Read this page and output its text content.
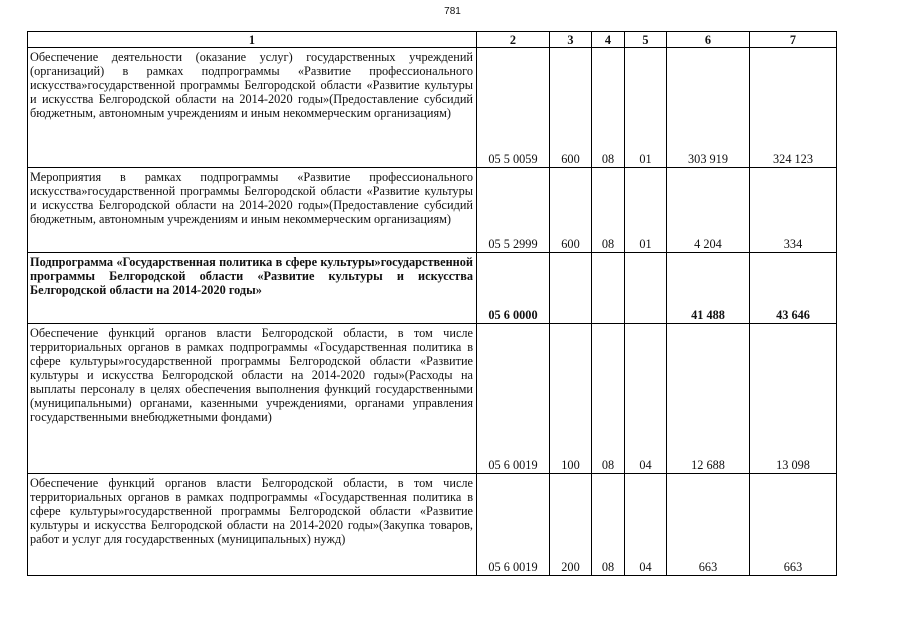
781
1	2	3	4	5	6	7
Обеспечение деятельности (оказание услуг) государственных учреждений (организаций) в рамках подпрограммы «Развитие профессионального искусства»государственной программы Белгородской области «Развитие культуры и искусства Белгородской области на 2014-2020 годы»(Предоставление субсидий бюджетным, автономным учреждениям и иным некоммерческим организациям)	05 5 0059	600	08	01	303 919	324 123
Мероприятия в рамках подпрограммы «Развитие профессионального искусства»государственной программы Белгородской области «Развитие культуры и искусства Белгородской области на 2014-2020 годы»(Предоставление субсидий бюджетным, автономным учреждениям и иным некоммерческим организациям)	05 5 2999	600	08	01	4 204	334
Подпрограмма «Государственная политика в сфере культуры»государственной программы Белгородской области «Развитие культуры и искусства Белгородской области на 2014-2020 годы»	05 6 0000				41 488	43 646
Обеспечение функций органов власти Белгородской области, в том числе территориальных органов в рамках подпрограммы «Государственная политика в сфере культуры»государственной программы Белгородской области «Развитие культуры и искусства Белгородской области на 2014-2020 годы»(Расходы на выплаты персоналу в целях обеспечения выполнения функций государственными (муниципальными) органами, казенными учреждениями, органами управления государственными внебюджетными фондами)	05 6 0019	100	08	04	12 688	13 098
Обеспечение функций органов власти Белгородской области, в том числе территориальных органов в рамках подпрограммы «Государственная политика в сфере культуры»государственной программы Белгородской области «Развитие культуры и искусства Белгородской области на 2014-2020 годы»(Закупка товаров, работ и услуг для государственных (муниципальных) нужд)	05 6 0019	200	08	04	663	663
